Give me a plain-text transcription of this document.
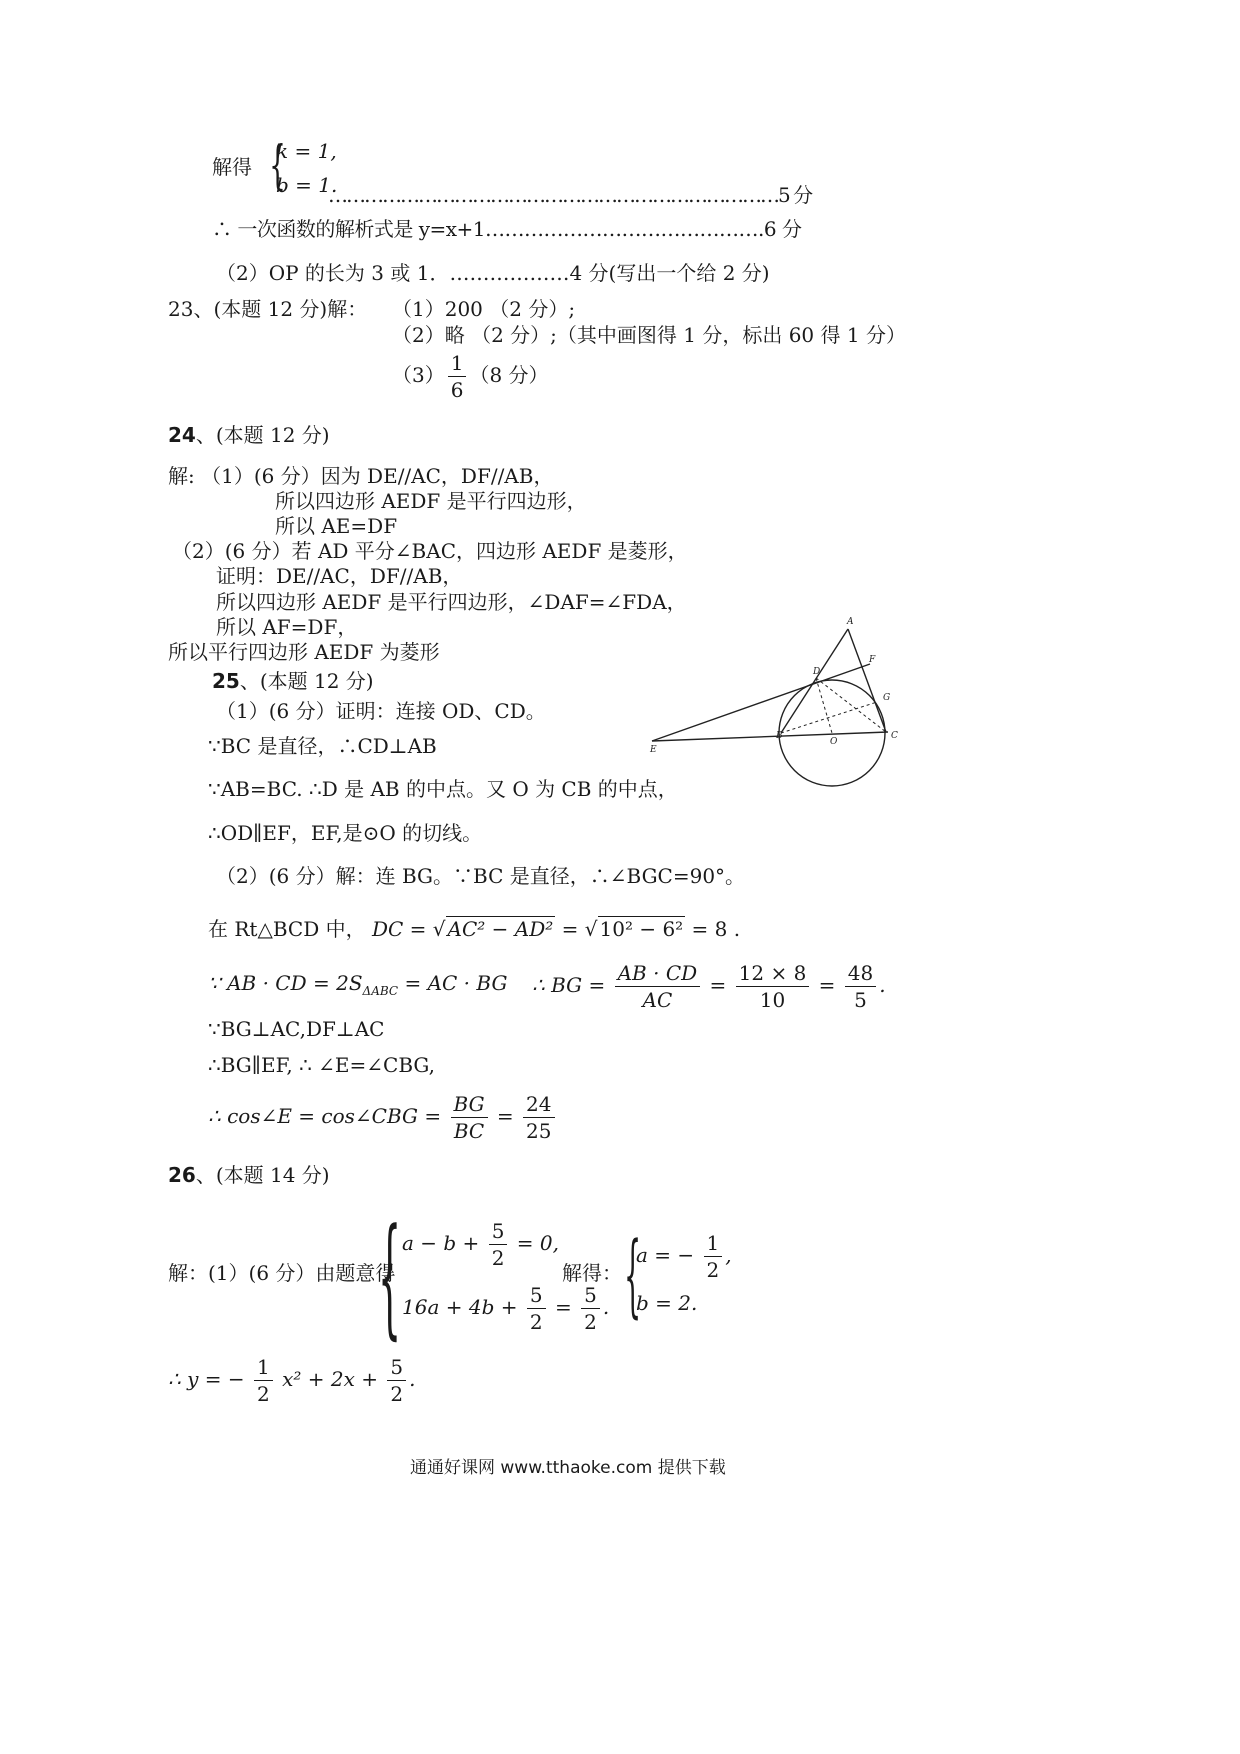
解得 {
k = 1,
b = 1.
…………………………………………………………………5 分
∴ 一次函数的解析式是 y=x+1…………………………………….6 分
（2）OP 的长为 3 或 1．………………4 分(写出一个给 2 分)
23、(本题 12 分)解： （1）200 （2 分）;
（2）略 （2 分）;（其中画图得 1 分，标出 60 得 1 分）
$(3) \frac{1}{6} (8$ 分）
24、(本题 12 分)
解: （1）(6 分）因为 DE//AC，DF//AB，
所以四边形 AEDF 是平行四边形，
所以 AE=DF
（2）(6 分）若 AD 平分∠BAC，四边形 AEDF 是菱形，
证明：DE//AC，DF//AB，
所以四边形 AEDF 是平行四边形，∠DAF=∠FDA，
所以 AF=DF，
所以平行四边形 AEDF 为菱形
25、(本题 12 分)
（1）(6 分）证明：连接 OD、CD。
∵BC 是直径，∴CD⊥AB
∵AB=BC. ∴D 是 AB 的中点。又 O 为 CB 的中点，
∴OD∥EF，EF,是⊙O 的切线。
（2）(6 分）解：连 BG。∵BC 是直径，∴∠BGC=90°。
在 Rt△BCD 中， DC = √ AC² − AD² = √ 10² − 6² = 8 .
∵ AB · CD = $2S_{\Delta ABC}$ = AC · BG ∴ BG = $\frac{AB \cdot CD}{AC} = \frac{12 \times 8}{10} = \frac{48}{5}$ .
∵BG⊥AC,DF⊥AC
∴BG∥EF, ∴ ∠E=∠CBG,
∴ cos∠E = cos∠CBG = $\frac{BG}{BC} = \frac{24}{25}$
A
D
F
G
E
B
O
C
26、(本题 14 分)
解：(1）(6 分）由题意得
{ $a - b + \frac{5}{2} = 0$,
$16a + 4b + \frac{5}{2} = \frac{5}{2}$ .
解得： {
a = − $\frac{1}{2}$ ,
b = 2.
∴ y = − $\frac{1}{2} x^2 + 2x + \frac{5}{2}$ .
通通好课网 www.tthaoke.com 提供下载
